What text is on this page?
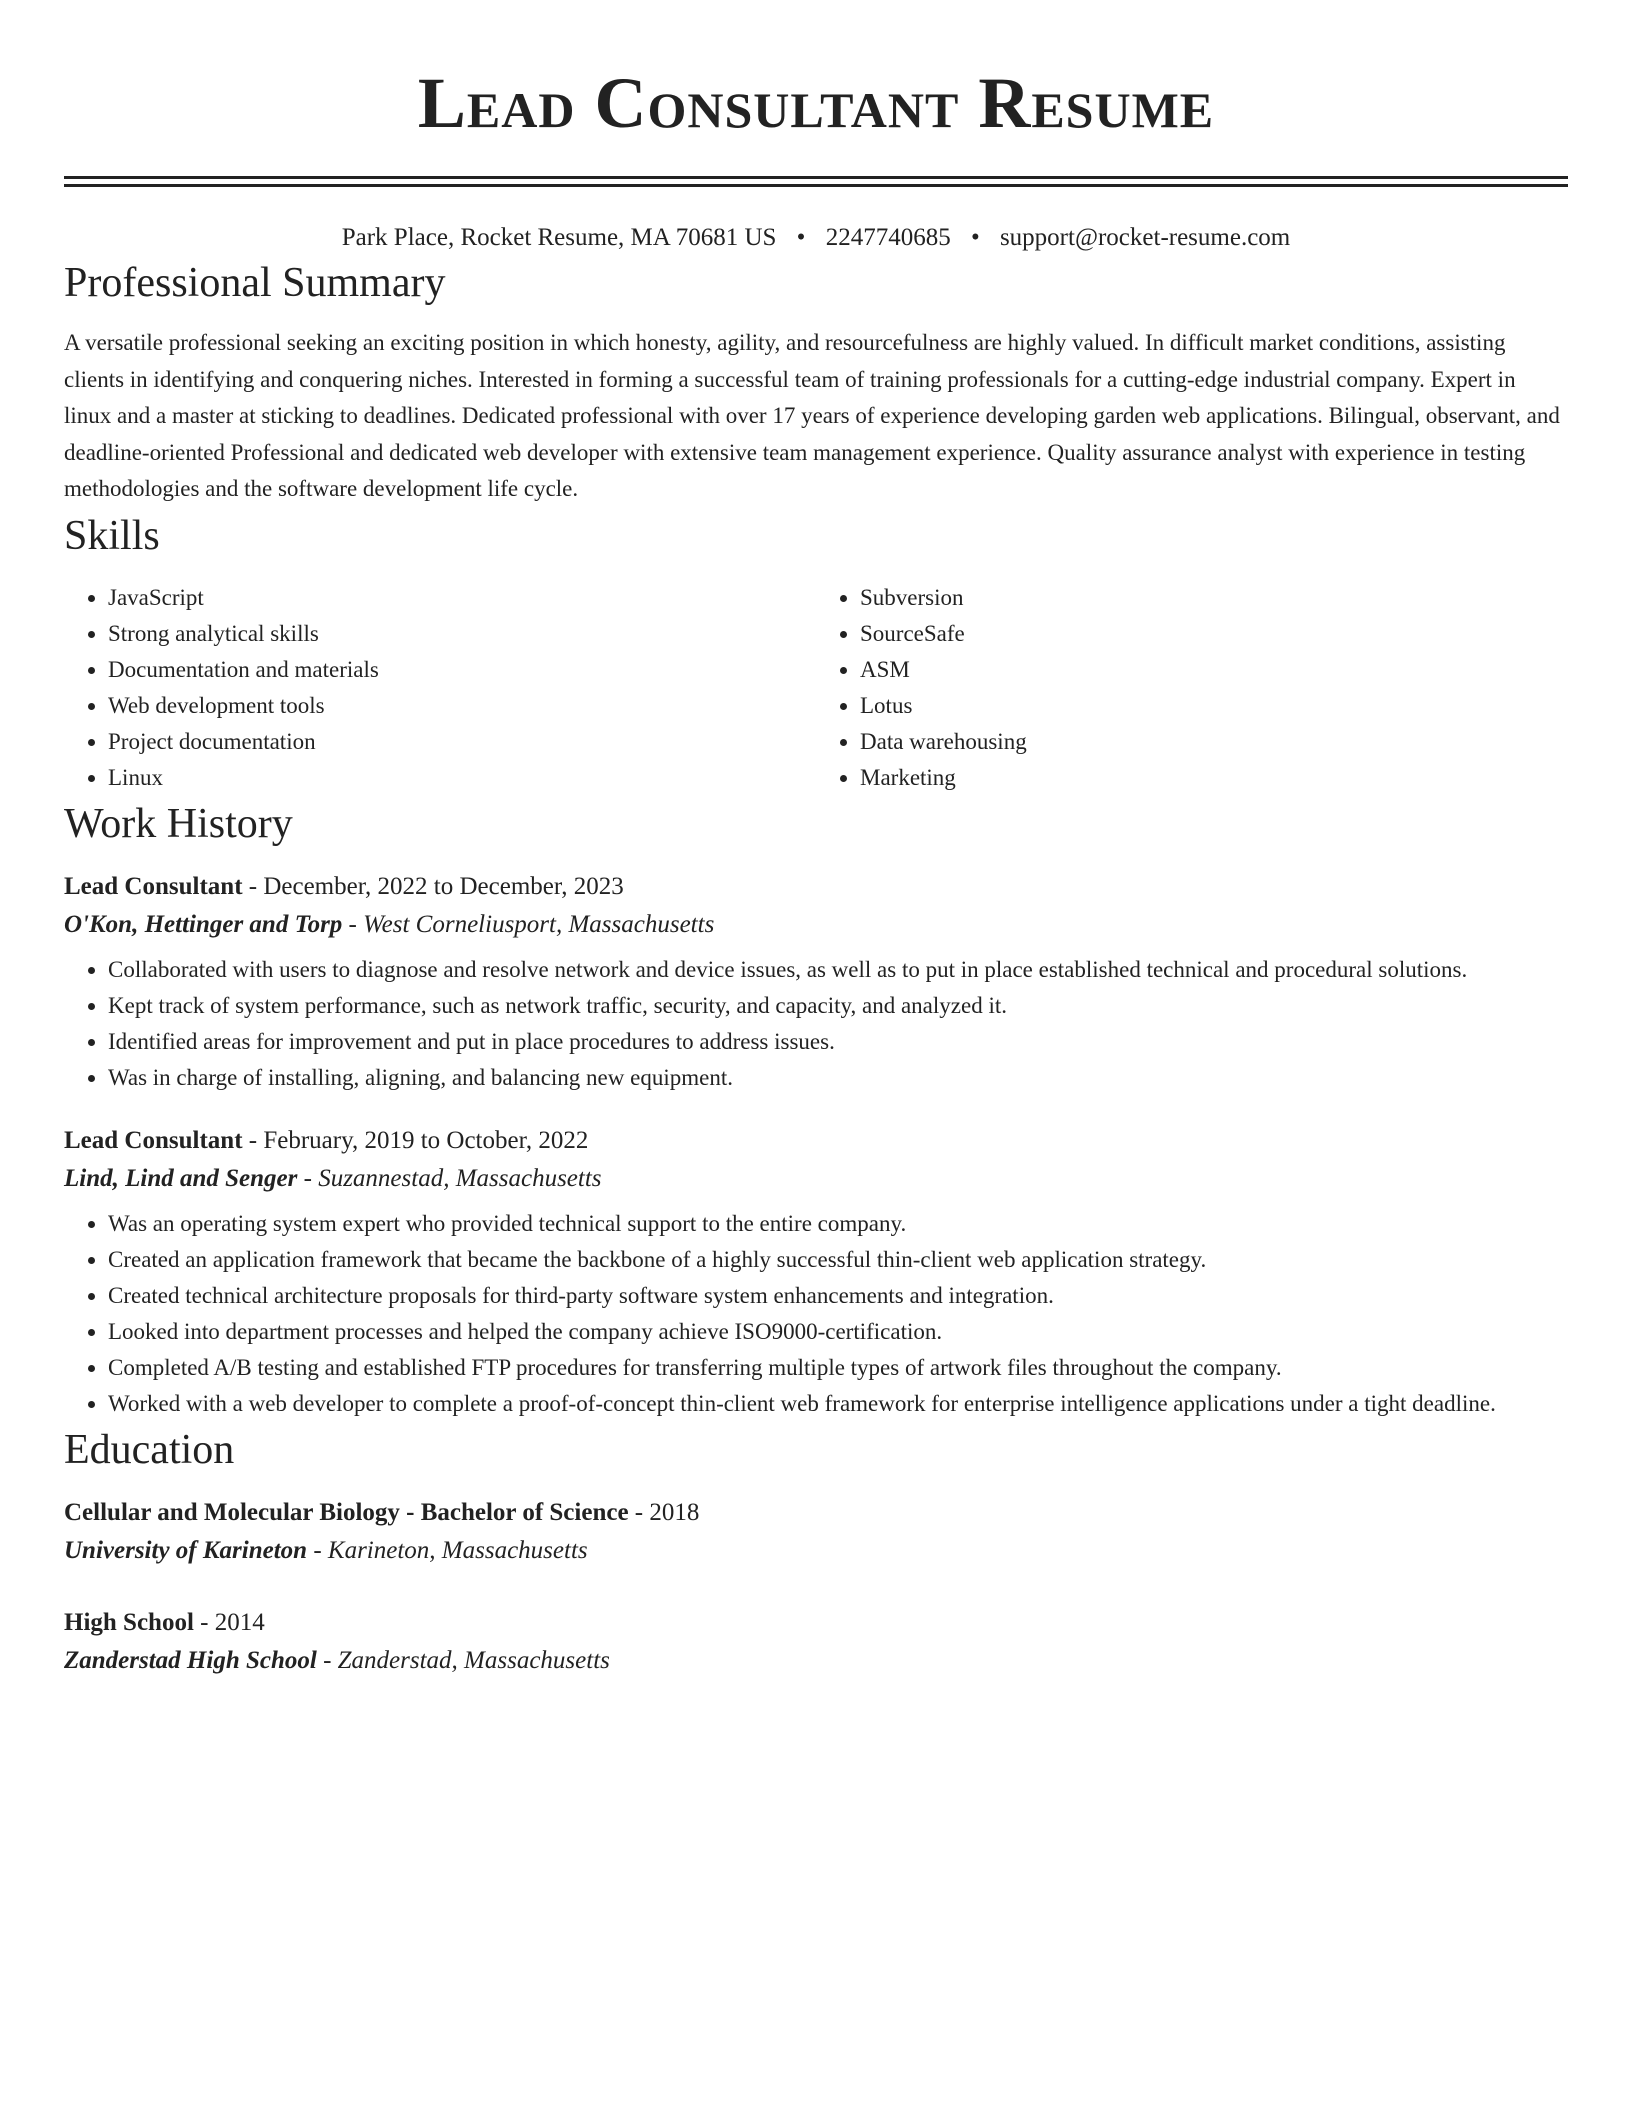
Lead Consultant Resume
Park Place, Rocket Resume, MA 70681 US • 2247740685 • support@rocket-resume.com
Professional Summary
A versatile professional seeking an exciting position in which honesty, agility, and resourcefulness are highly valued. In difficult market conditions, assisting clients in identifying and conquering niches. Interested in forming a successful team of training professionals for a cutting-edge industrial company. Expert in linux and a master at sticking to deadlines. Dedicated professional with over 17 years of experience developing garden web applications. Bilingual, observant, and deadline-oriented Professional and dedicated web developer with extensive team management experience. Quality assurance analyst with experience in testing methodologies and the software development life cycle.
Skills
• JavaScript
• Strong analytical skills
• Documentation and materials
• Web development tools
• Project documentation
• Linux
• Subversion
• SourceSafe
• ASM
• Lotus
• Data warehousing
• Marketing
Work History
Lead Consultant - December, 2022 to December, 2023
O'Kon, Hettinger and Torp - West Corneliusport, Massachusetts
• Collaborated with users to diagnose and resolve network and device issues, as well as to put in place established technical and procedural solutions.
• Kept track of system performance, such as network traffic, security, and capacity, and analyzed it.
• Identified areas for improvement and put in place procedures to address issues.
• Was in charge of installing, aligning, and balancing new equipment.
Lead Consultant - February, 2019 to October, 2022
Lind, Lind and Senger - Suzannestad, Massachusetts
• Was an operating system expert who provided technical support to the entire company.
• Created an application framework that became the backbone of a highly successful thin-client web application strategy.
• Created technical architecture proposals for third-party software system enhancements and integration.
• Looked into department processes and helped the company achieve ISO9000-certification.
• Completed A/B testing and established FTP procedures for transferring multiple types of artwork files throughout the company.
• Worked with a web developer to complete a proof-of-concept thin-client web framework for enterprise intelligence applications under a tight deadline.
Education
Cellular and Molecular Biology - Bachelor of Science - 2018
University of Karineton - Karineton, Massachusetts
High School - 2014
Zanderstad High School - Zanderstad, Massachusetts
